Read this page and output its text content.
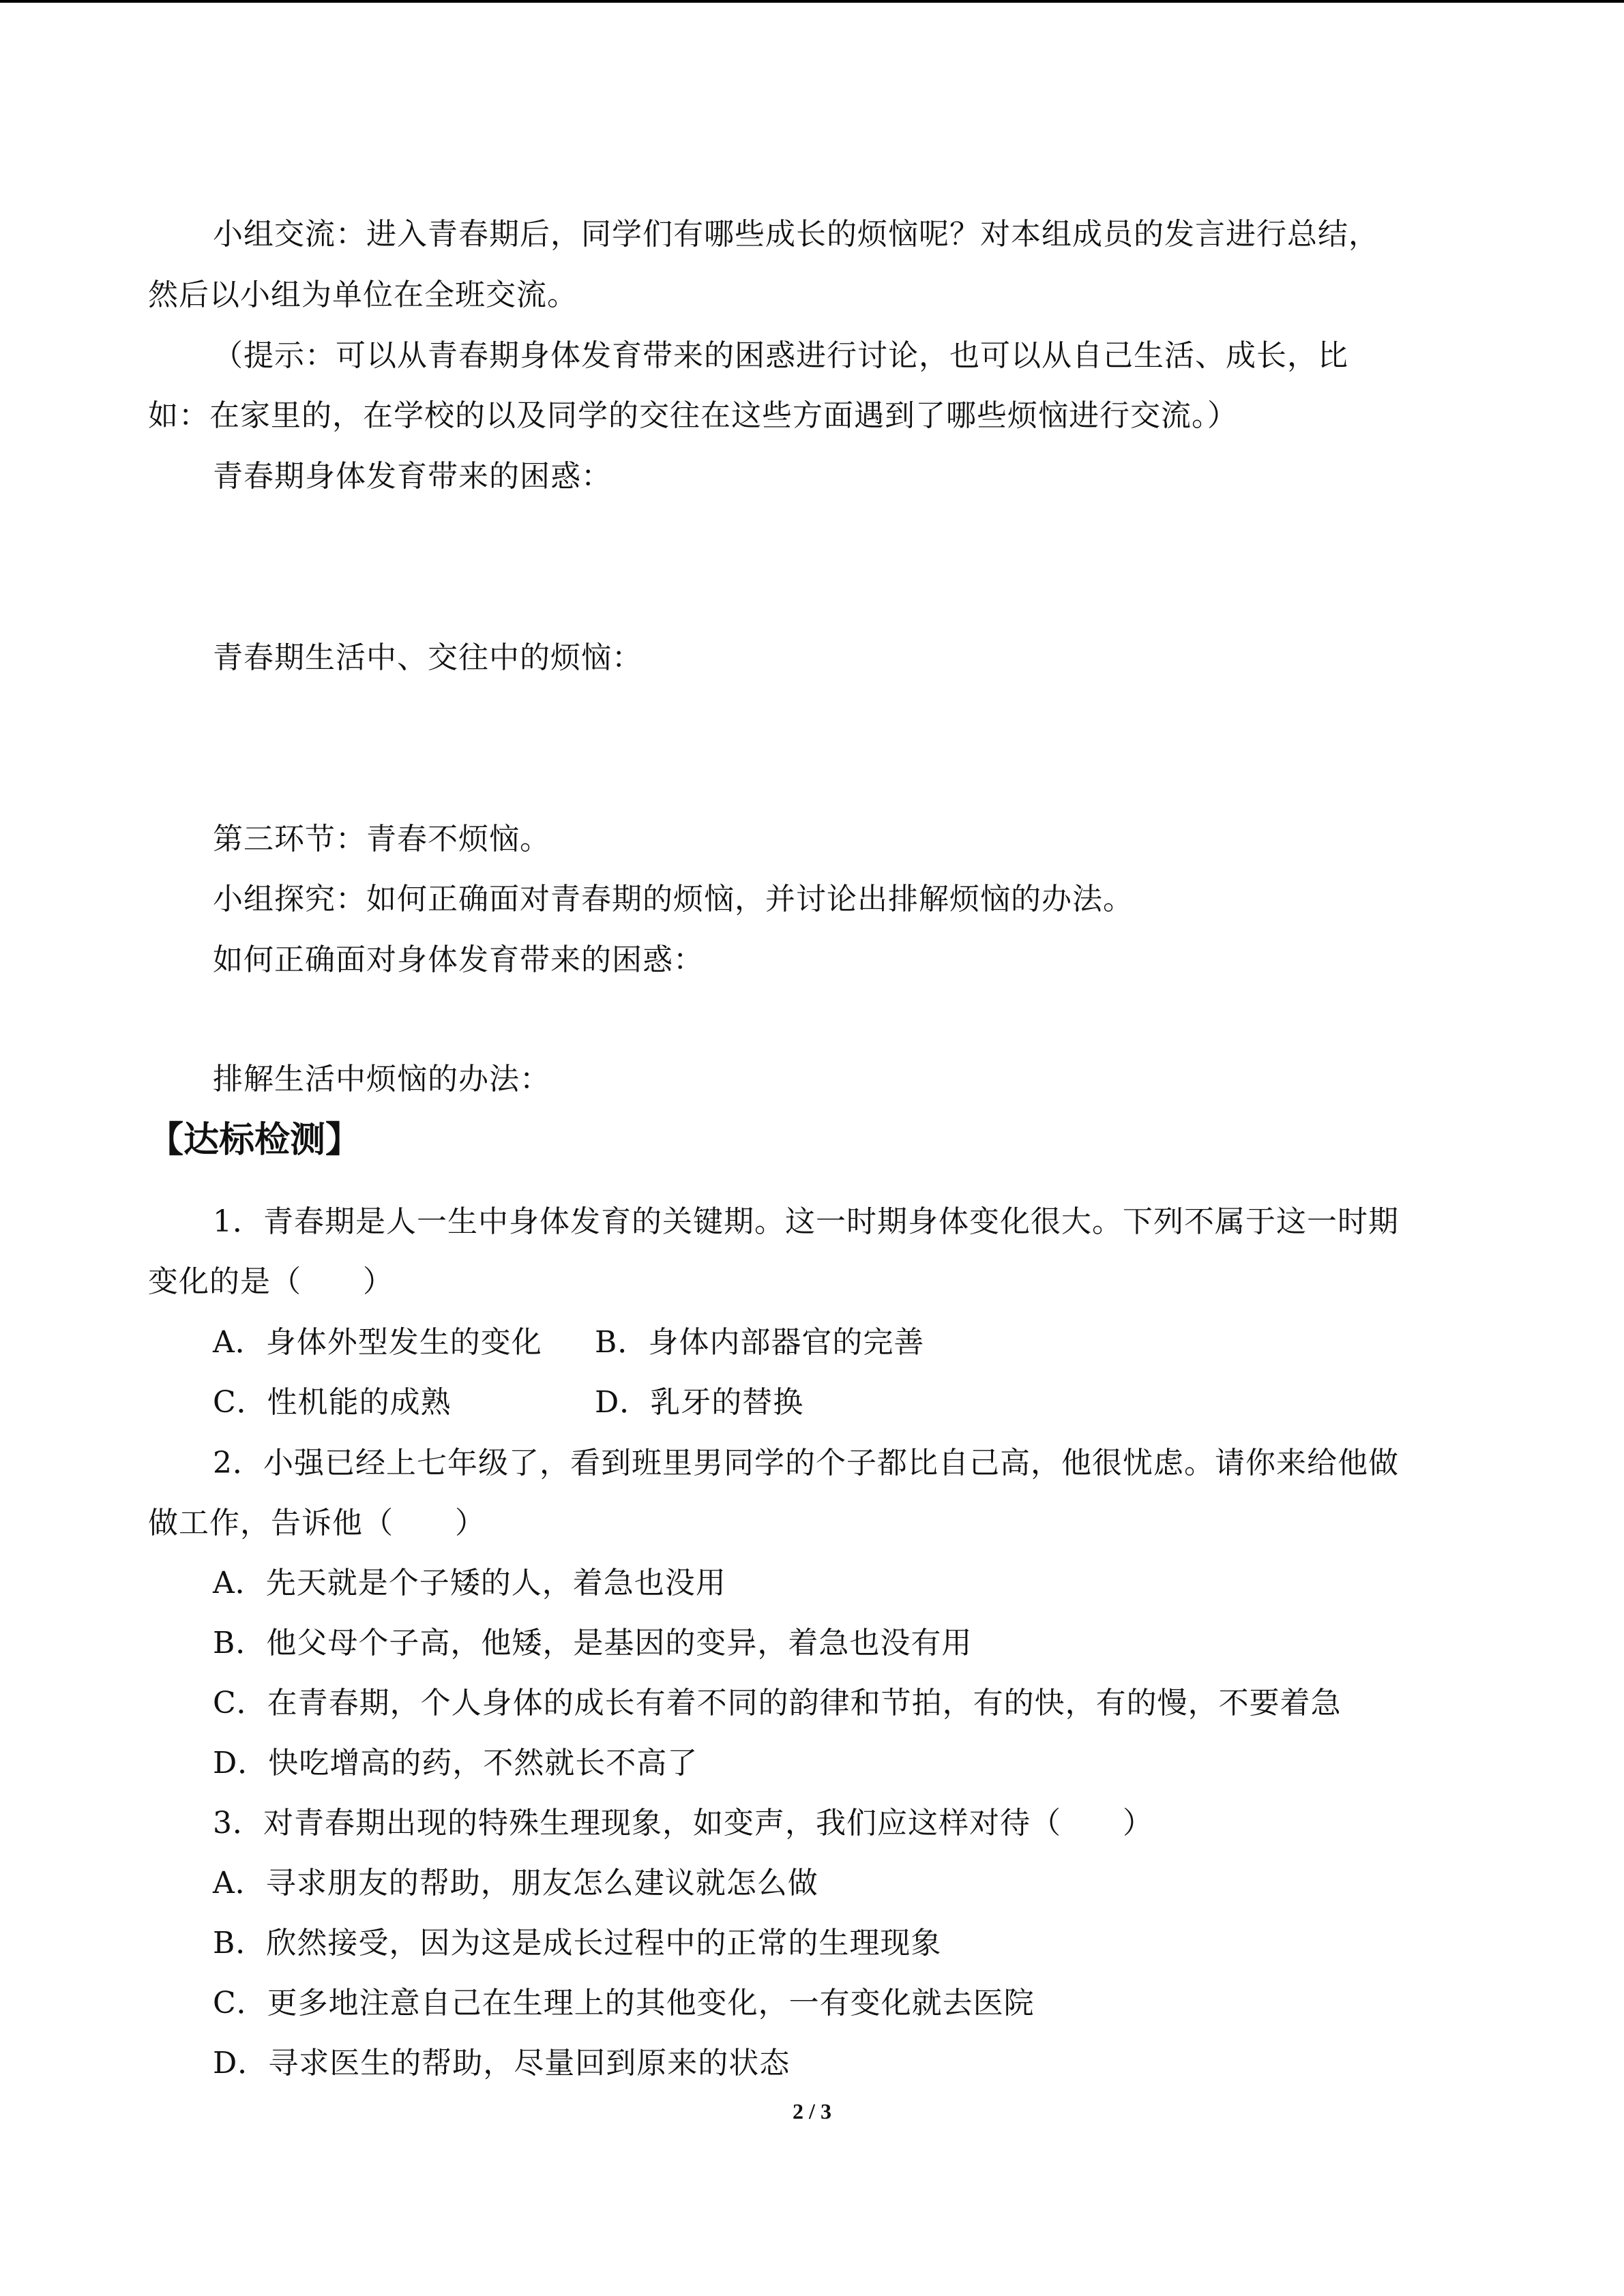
小组交流：进入青春期后，同学们有哪些成长的烦恼呢？对本组成员的发言进行总结，
然后以小组为单位在全班交流。
（提示：可以从青春期身体发育带来的困惑进行讨论，也可以从自己生活、成长，比
如：在家里的，在学校的以及同学的交往在这些方面遇到了哪些烦恼进行交流。）
青春期身体发育带来的困惑：
青春期生活中、交往中的烦恼：
第三环节：青春不烦恼。
小组探究：如何正确面对青春期的烦恼，并讨论出排解烦恼的办法。
如何正确面对身体发育带来的困惑：
排解生活中烦恼的办法：
【达标检测】
1．青春期是人一生中身体发育的关键期。这一时期身体变化很大。下列不属于这一时期
变化的是（　　）
A．身体外型发生的变化 B．身体内部器官的完善
C．性机能的成熟	D．乳牙的替换
2．小强已经上七年级了，看到班里男同学的个子都比自己高，他很忧虑。请你来给他做
做工作，告诉他（　　）
A．先天就是个子矮的人，着急也没用
B．他父母个子高，他矮，是基因的变异，着急也没有用
C．在青春期，个人身体的成长有着不同的韵律和节拍，有的快，有的慢，不要着急
D．快吃增高的药，不然就长不高了
3．对青春期出现的特殊生理现象，如变声，我们应这样对待（　　）
A．寻求朋友的帮助，朋友怎么建议就怎么做
B．欣然接受，因为这是成长过程中的正常的生理现象
C．更多地注意自己在生理上的其他变化，一有变化就去医院
D．寻求医生的帮助，尽量回到原来的状态
2 / 3
